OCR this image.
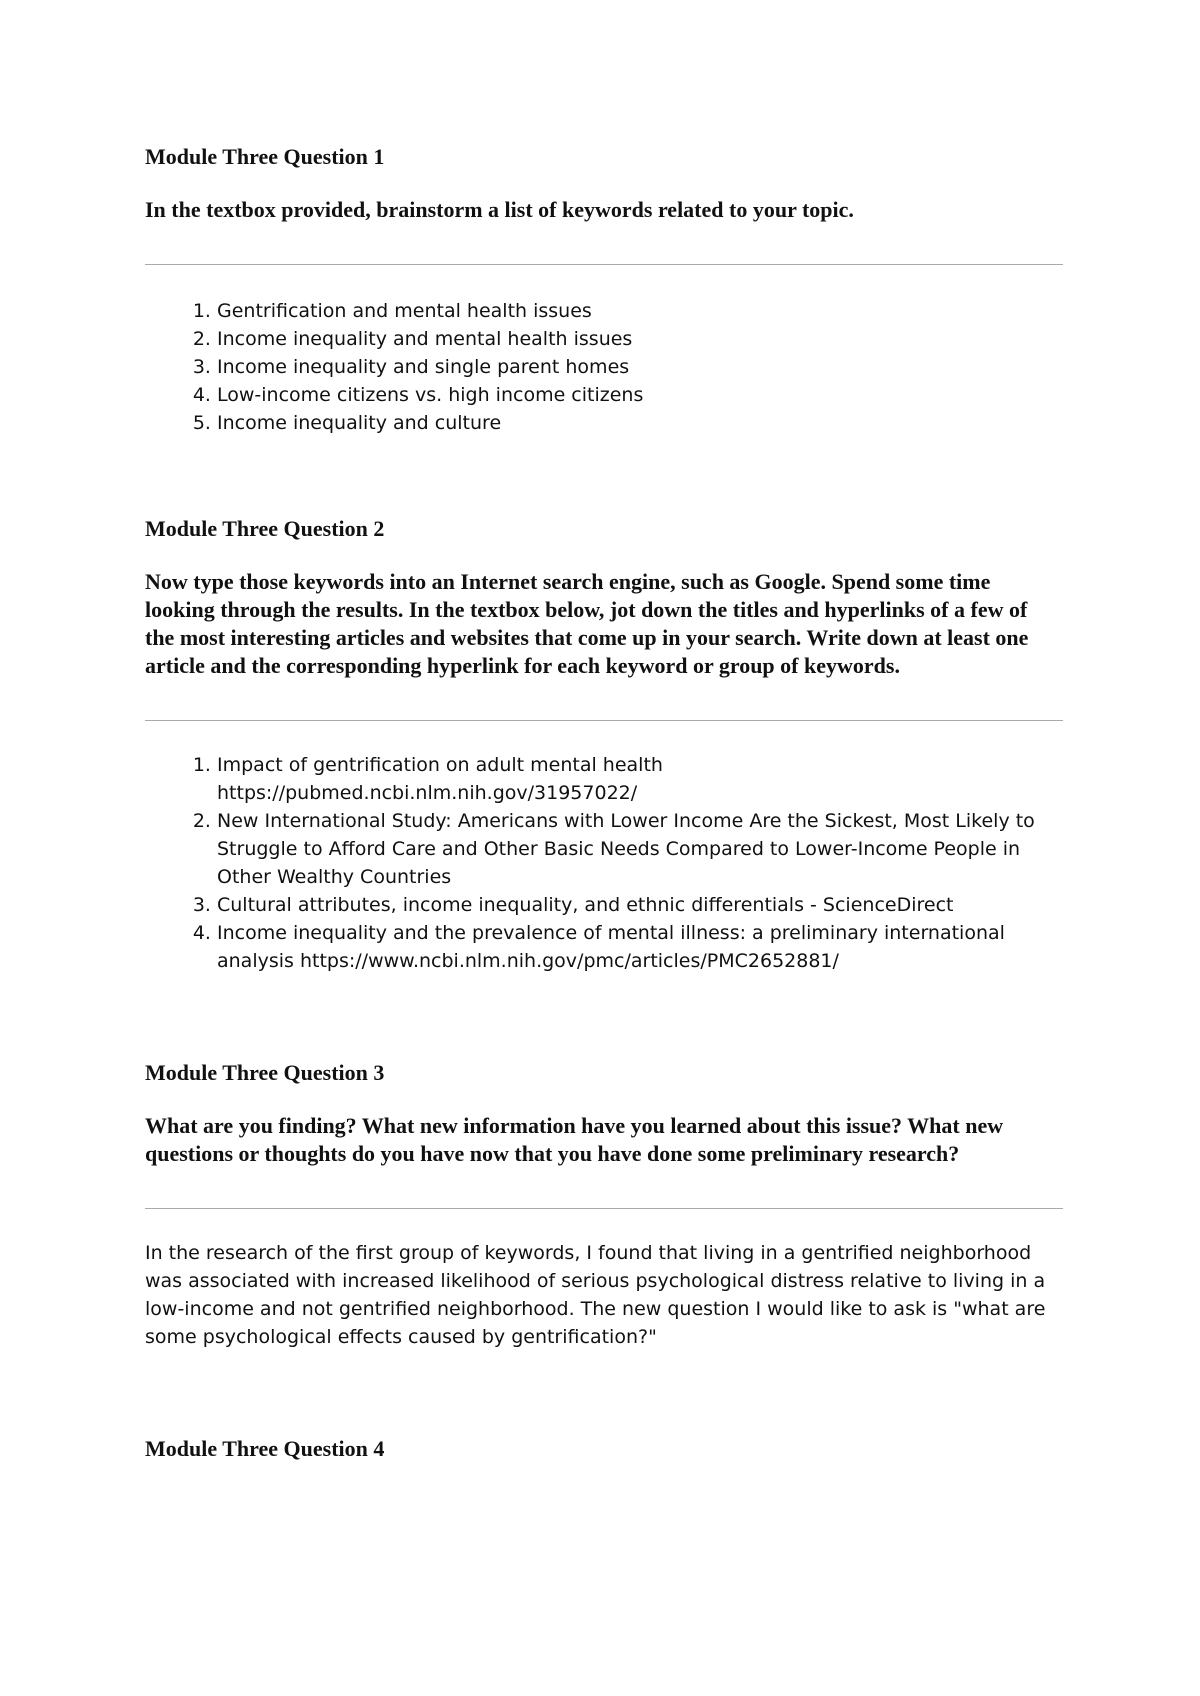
Module Three Question 1

In the textbox provided, brainstorm a list of keywords related to your topic.

1. Gentrification and mental health issues
2. Income inequality and mental health issues
3. Income inequality and single parent homes
4. Low-income citizens vs. high income citizens
5. Income inequality and culture
Module Three Question 2

Now type those keywords into an Internet search engine, such as Google. Spend some time looking through the results. In the textbox below, jot down the titles and hyperlinks of a few of the most interesting articles and websites that come up in your search. Write down at least one article and the corresponding hyperlink for each keyword or group of keywords.

1. Impact of gentrification on adult mental health https://pubmed.ncbi.nlm.nih.gov/31957022/
2. New International Study: Americans with Lower Income Are the Sickest, Most Likely to Struggle to Afford Care and Other Basic Needs Compared to Lower-Income People in Other Wealthy Countries
3. Cultural attributes, income inequality, and ethnic differentials - ScienceDirect
4. Income inequality and the prevalence of mental illness: a preliminary international analysis https://www.ncbi.nlm.nih.gov/pmc/articles/PMC2652881/
Module Three Question 3

What are you finding? What new information have you learned about this issue? What new questions or thoughts do you have now that you have done some preliminary research?

In the research of the first group of keywords, I found that living in a gentrified neighborhood was associated with increased likelihood of serious psychological distress relative to living in a low-income and not gentrified neighborhood. The new question I would like to ask is "what are some psychological effects caused by gentrification?"

Module Three Question 4
